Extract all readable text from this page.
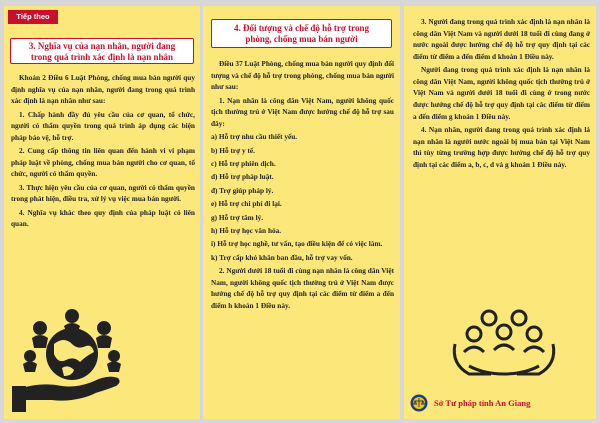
Tiếp theo
3. Nghĩa vụ của nạn nhân, người đang
trong quá trình xác định là nạn nhân

Khoản 2 Điều 6 Luật Phòng, chống mua bán người quy định nghĩa vụ của nạn nhân, người đang trong quá trình xác định là nạn nhân như sau:

1. Chấp hành đầy đủ yêu cầu của cơ quan, tổ chức, người có thẩm quyền trong quá trình áp dụng các biện pháp bảo vệ, hỗ trợ.

2. Cung cấp thông tin liên quan đến hành vi vi phạm pháp luật về phòng, chống mua bán người cho cơ quan, tổ chức, người có thẩm quyền.

3. Thực hiện yêu cầu của cơ quan, người có thẩm quyền trong phát hiện, điều tra, xử lý vụ việc mua bán người.

4. Nghĩa vụ khác theo quy định của pháp luật có liên quan.

4. Đối tượng và chế độ hỗ trợ trong
phòng, chống mua bán người

Điều 37 Luật Phòng, chống mua bán người quy định đối tượng và chế độ hỗ trợ trong phòng, chống mua bán người như sau:

1. Nạn nhân là công dân Việt Nam, người không quốc tịch thường trú ở Việt Nam được hưởng chế độ hỗ trợ sau đây:

a) Hỗ trợ nhu cầu thiết yếu.

b) Hỗ trợ y tế.

c) Hỗ trợ phiên dịch.

d) Hỗ trợ pháp luật.

đ) Trợ giúp pháp lý.

e) Hỗ trợ chi phí đi lại.

g) Hỗ trợ tâm lý.

h) Hỗ trợ học văn hóa.

i) Hỗ trợ học nghề, tư vấn, tạo điều kiện để có việc làm.

k) Trợ cấp khó khăn ban đầu, hỗ trợ vay vốn.

2. Người dưới 18 tuổi đi cùng nạn nhân là công dân Việt Nam, người không quốc tịch thường trú ở Việt Nam được hưởng chế độ hỗ trợ quy định tại các điểm từ điểm a đến điểm h khoản 1 Điều này.

3. Người đang trong quá trình xác định là nạn nhân là công dân Việt Nam và người dưới 18 tuổi đi cùng đang ở nước ngoài được hưởng chế độ hỗ trợ quy định tại các điểm từ điểm a đến điểm d khoản 1 Điều này.

Người đang trong quá trình xác định là nạn nhân là công dân Việt Nam, người không quốc tịch thường trú ở Việt Nam và người dưới 18 tuổi đi cùng ở trong nước được hưởng chế độ hỗ trợ quy định tại các điểm từ điểm a đến điểm g khoản 1 Điều này.

4. Nạn nhân, người đang trong quá trình xác định là nạn nhân là người nước ngoài bị mua bán tại Việt Nam thì tùy từng trường hợp được hưởng chế độ hỗ trợ quy định tại các điểm a, b, c, d và g khoản 1 Điều này.

Sở Tư pháp tỉnh An Giang
